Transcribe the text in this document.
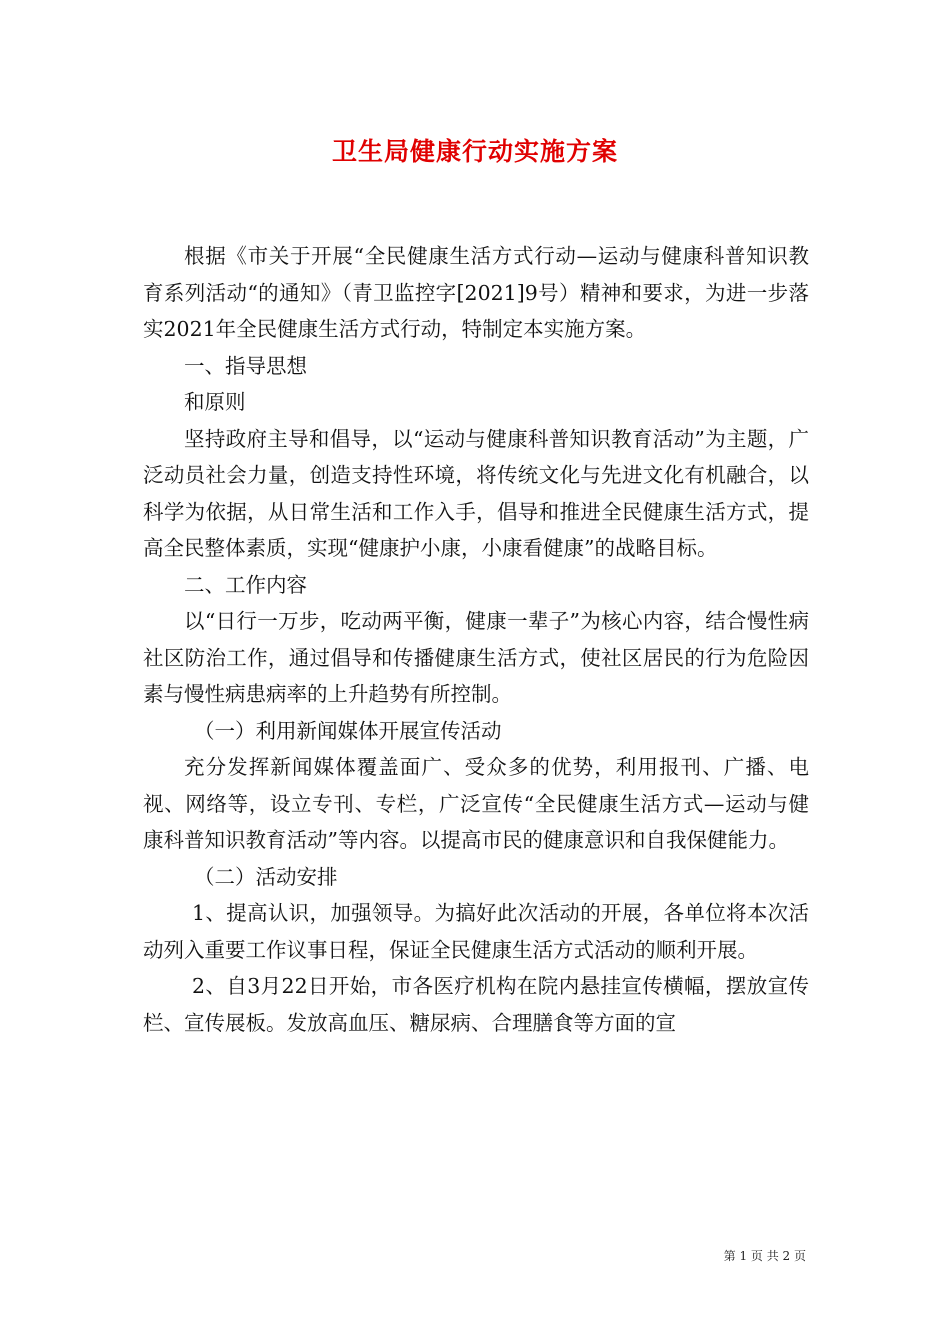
卫生局健康行动实施方案

根据《市关于开展“全民健康生活方式行动—运动与健康科普知识教育系列活动“的通知》（青卫监控字[2021]9号）精神和要求，为进一步落实2021年全民健康生活方式行动，特制定本实施方案。

一、指导思想

和原则

坚持政府主导和倡导，以“运动与健康科普知识教育活动”为主题，广泛动员社会力量，创造支持性环境，将传统文化与先进文化有机融合，以科学为依据，从日常生活和工作入手，倡导和推进全民健康生活方式，提高全民整体素质，实现“健康护小康，小康看健康”的战略目标。

二、工作内容

以“日行一万步，吃动两平衡，健康一辈子”为核心内容，结合慢性病社区防治工作，通过倡导和传播健康生活方式，使社区居民的行为危险因素与慢性病患病率的上升趋势有所控制。

（一）利用新闻媒体开展宣传活动

充分发挥新闻媒体覆盖面广、受众多的优势，利用报刊、广播、电视、网络等，设立专刊、专栏，广泛宣传“全民健康生活方式—运动与健康科普知识教育活动”等内容。以提高市民的健康意识和自我保健能力。

（二）活动安排

1、提高认识，加强领导。为搞好此次活动的开展，各单位将本次活动列入重要工作议事日程，保证全民健康生活方式活动的顺利开展。

2、自3月22日开始，市各医疗机构在院内悬挂宣传横幅，摆放宣传栏、宣传展板。发放高血压、糖尿病、合理膳食等方面的宣

第 1 页 共 2 页
